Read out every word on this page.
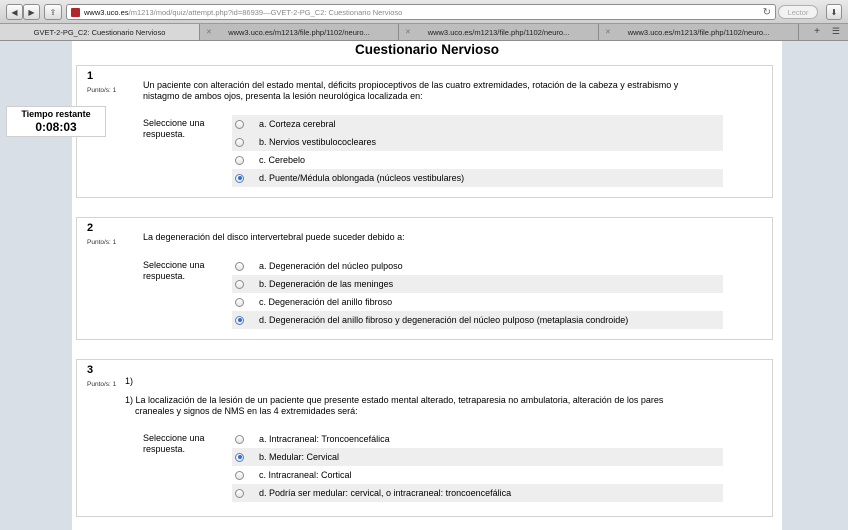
◀	▶	⇪	www3.uco.es /m1213/mod/quiz/attempt.php?id=86939 — GVET-2-PG_C2: Cuestionario Nervioso	↻	Lector	⬇
GVET-2-PG_C2: Cuestionario Nervioso	✕ www3.uco.es/m1213/file.php/1102/neuro...	✕ www3.uco.es/m1213/file.php/1102/neuro...	✕ www3.uco.es/m1213/file.php/1102/neuro...	+ ☰
Cuestionario Nervioso
1
Punto/s: 1
Un paciente con alteración del estado mental, déficits propioceptivos de las cuatro extremidades, rotación de la cabeza y estrabismo y
nistagmo de ambos ojos, presenta la lesión neurológica localizada en:
Seleccione una
respuesta.
a. Corteza cerebral
b. Nervios vestibulococleares
c. Cerebelo
d. Puente/Médula oblongada (núcleos vestibulares)
2
Punto/s: 1
La degeneración del disco intervertebral puede suceder debido a:
Seleccione una
respuesta.
a. Degeneración del núcleo pulposo
b. Degeneración de las meninges
c. Degeneración del anillo fibroso
d. Degeneración del anillo fibroso y degeneración del núcleo pulposo (metaplasia condroide)
3
Punto/s: 1 1)
1) La localización de la lesión de un paciente que presente estado mental alterado, tetraparesia no ambulatoria, alteración de los pares
craneales y signos de NMS en las 4 extremidades será:
Seleccione una
respuesta.
a. Intracraneal: Troncoencefálica
b. Medular: Cervical
c. Intracraneal: Cortical
d. Podría ser medular: cervical, o intracraneal: troncoencefálica
Tiempo restante
0:08:03
